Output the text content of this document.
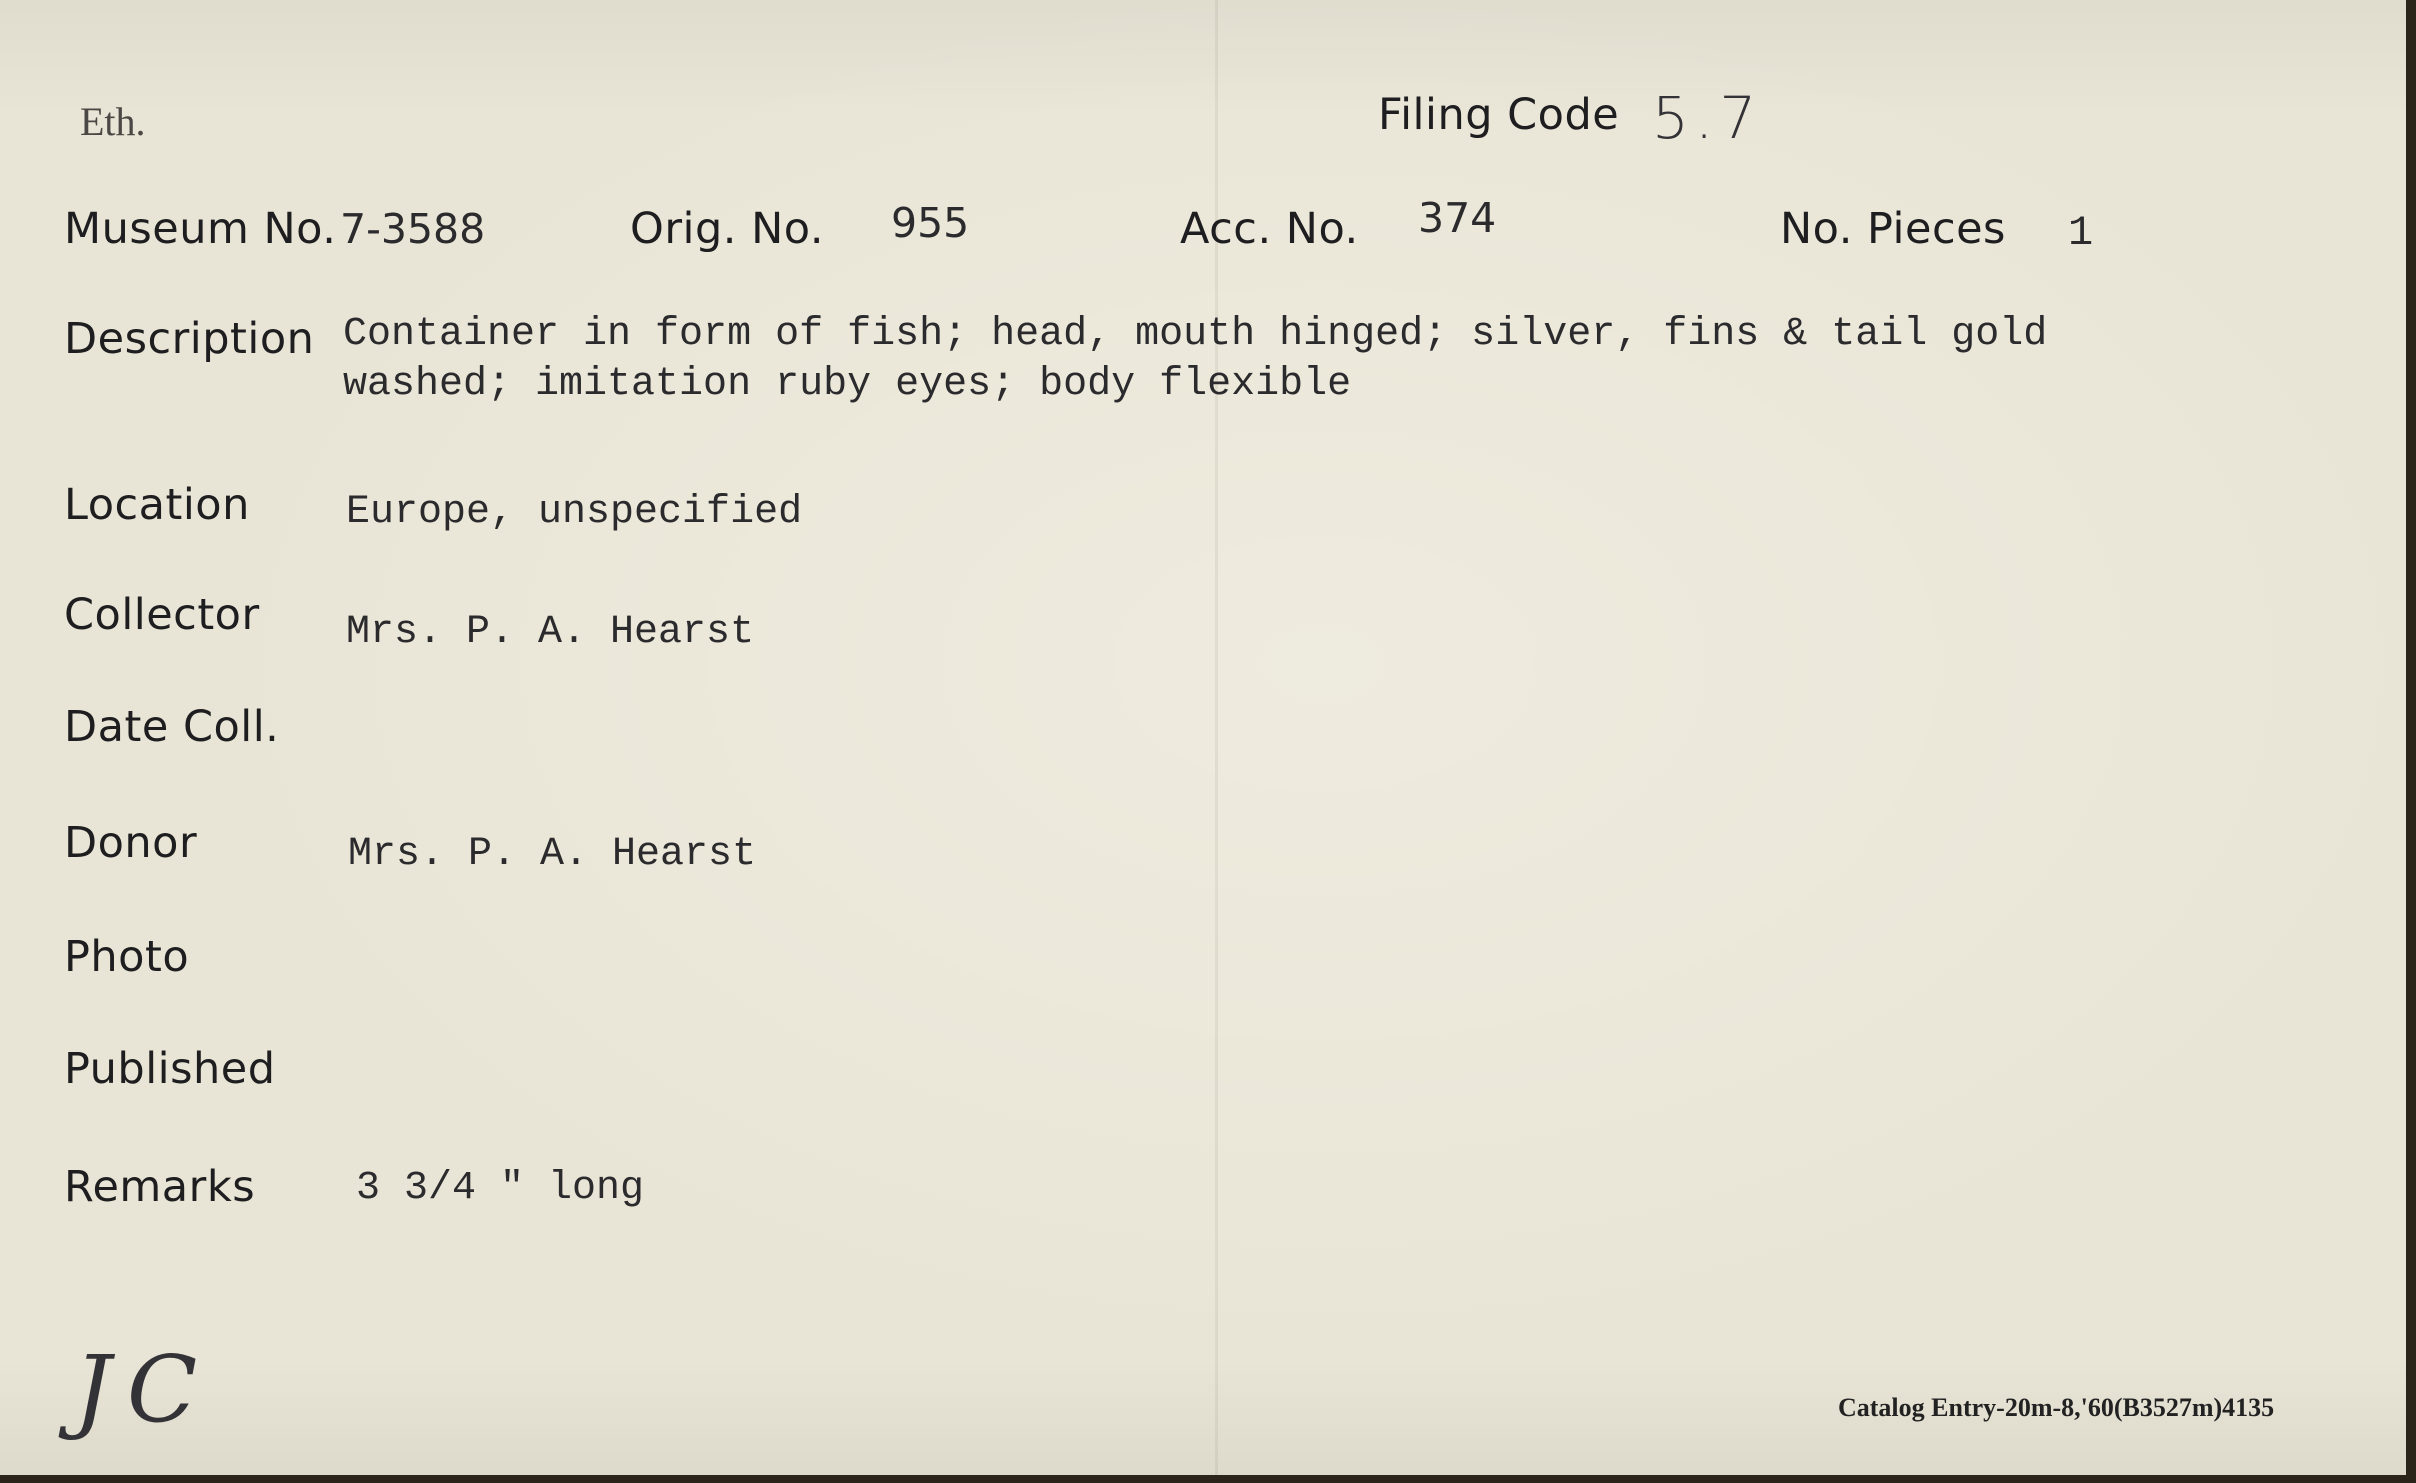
Eth.	Filing Code 5.7
Museum No. 7-3588	Orig. No. 955	Acc. No. 374	No. Pieces 1
Description Container in form of fish; head, mouth hinged; silver, fins & tail gold
washed; imitation ruby eyes; body flexible
Location Europe, unspecified
Collector Mrs. P. A. Hearst
Date Coll.
Donor	Mrs. P. A. Hearst
Photo
Published
Remarks	3 3/4 " long
JC	Catalog Entry-20m-8,'60(B3527m)4135
